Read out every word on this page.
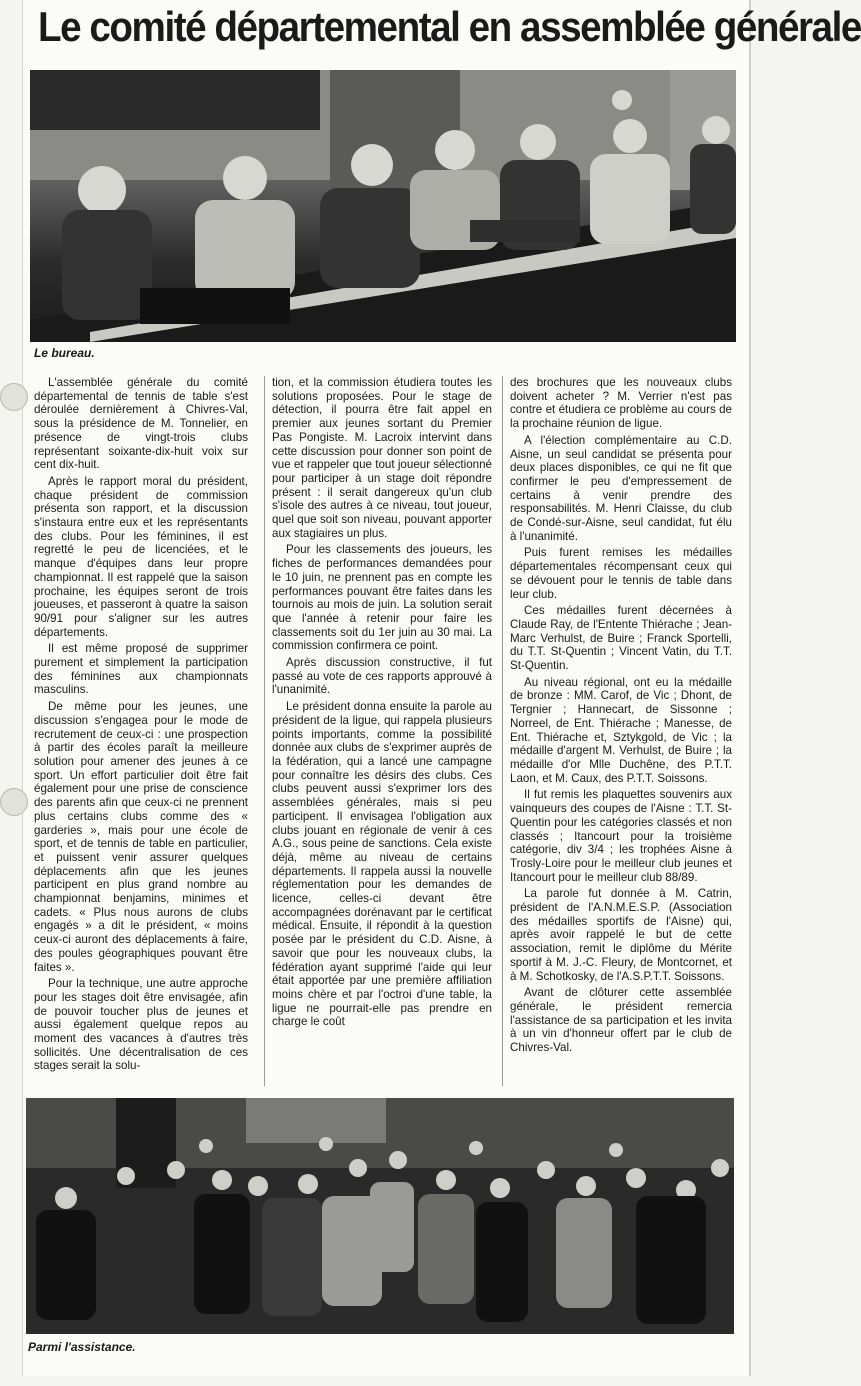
Le comité départemental en assemblée générale
Le bureau.

L'assemblée générale du comité départemental de tennis de table s'est déroulée dernièrement à Chivres-Val, sous la présidence de M. Tonnelier, en présence de vingt-trois clubs représentant soixante-dix-huit voix sur cent dix-huit.

Après le rapport moral du président, chaque président de commission présenta son rapport, et la discussion s'instaura entre eux et les représentants des clubs. Pour les féminines, il est regretté le peu de licenciées, et le manque d'équipes dans leur propre championnat. Il est rappelé que la saison prochaine, les équipes seront de trois joueuses, et passeront à quatre la saison 90/91 pour s'aligner sur les autres départements.

Il est même proposé de supprimer purement et simplement la participation des féminines aux championnats masculins.

De même pour les jeunes, une discussion s'engagea pour le mode de recrutement de ceux-ci : une prospection à partir des écoles paraît la meilleure solution pour amener des jeunes à ce sport. Un effort particulier doit être fait également pour une prise de conscience des parents afin que ceux-ci ne prennent plus certains clubs comme des « garderies », mais pour une école de sport, et de tennis de table en particulier, et puissent venir assurer quelques déplacements afin que les jeunes participent en plus grand nombre au championnat benjamins, minimes et cadets. « Plus nous aurons de clubs engagés » a dit le président, « moins ceux-ci auront des déplacements à faire, des poules géographiques pouvant être faites ».

Pour la technique, une autre approche pour les stages doit être envisagée, afin de pouvoir toucher plus de jeunes et aussi également quelque repos au moment des vacances à d'autres très sollicités. Une décentralisation de ces stages serait la solu-

tion, et la commission étudiera toutes les solutions proposées. Pour le stage de détection, il pourra être fait appel en premier aux jeunes sortant du Premier Pas Pongiste. M. Lacroix intervint dans cette discussion pour donner son point de vue et rappeler que tout joueur sélectionné pour participer à un stage doit répondre présent : il serait dangereux qu'un club s'isole des autres à ce niveau, tout joueur, quel que soit son niveau, pouvant apporter aux stagiaires un plus.

Pour les classements des joueurs, les fiches de performances demandées pour le 10 juin, ne prennent pas en compte les performances pouvant être faites dans les tournois au mois de juin. La solution serait que l'année à retenir pour faire les classements soit du 1er juin au 30 mai. La commission confirmera ce point.

Après discussion constructive, il fut passé au vote de ces rapports approuvé à l'unanimité.

Le président donna ensuite la parole au président de la ligue, qui rappela plusieurs points importants, comme la possibilité donnée aux clubs de s'exprimer auprès de la fédération, qui a lancé une campagne pour connaître les désirs des clubs. Ces clubs peuvent aussi s'exprimer lors des assemblées générales, mais si peu participent. Il envisagea l'obligation aux clubs jouant en régionale de venir à ces A.G., sous peine de sanctions. Cela existe déjà, même au niveau de certains départements. Il rappela aussi la nouvelle réglementation pour les demandes de licence, celles-ci devant être accompagnées dorénavant par le certificat médical. Ensuite, il répondit à la question posée par le président du C.D. Aisne, à savoir que pour les nouveaux clubs, la fédération ayant supprimé l'aide qui leur était apportée par une première affiliation moins chère et par l'octroi d'une table, la ligue ne pourrait-elle pas prendre en charge le coût

des brochures que les nouveaux clubs doivent acheter ? M. Verrier n'est pas contre et étudiera ce problème au cours de la prochaine réunion de ligue.

A l'élection complémentaire au C.D. Aisne, un seul candidat se présenta pour deux places disponibles, ce qui ne fit que confirmer le peu d'empressement de certains à venir prendre des responsabilités. M. Henri Claisse, du club de Condé-sur-Aisne, seul candidat, fut élu à l'unanimité.

Puis furent remises les médailles départementales récompensant ceux qui se dévouent pour le tennis de table dans leur club.

Ces médailles furent décernées à Claude Ray, de l'Entente Thiérache ; Jean-Marc Verhulst, de Buire ; Franck Sportelli, du T.T. St-Quentin ; Vincent Vatin, du T.T. St-Quentin.

Au niveau régional, ont eu la médaille de bronze : MM. Carof, de Vic ; Dhont, de Tergnier ; Hannecart, de Sissonne ; Norreel, de Ent. Thiérache ; Manesse, de Ent. Thiérache et, Sztykgold, de Vic ; la médaille d'argent M. Verhulst, de Buire ; la médaille d'or Mlle Duchêne, des P.T.T. Laon, et M. Caux, des P.T.T. Soissons.

Il fut remis les plaquettes souvenirs aux vainqueurs des coupes de l'Aisne : T.T. St-Quentin pour les catégories classés et non classés ; Itancourt pour la troisième catégorie, div 3/4 ; les trophées Aisne à Trosly-Loire pour le meilleur club jeunes et Itancourt pour le meilleur club 88/89.

La parole fut donnée à M. Catrin, président de l'A.N.M.E.S.P. (Association des médailles sportifs de l'Aisne) qui, après avoir rappelé le but de cette association, remit le diplôme du Mérite sportif à M. J.-C. Fleury, de Montcornet, et à M. Schotkosky, de l'A.S.P.T.T. Soissons.

Avant de clôturer cette assemblée générale, le président remercia l'assistance de sa participation et les invita à un vin d'honneur offert par le club de Chivres-Val.

Parmi l'assistance.
